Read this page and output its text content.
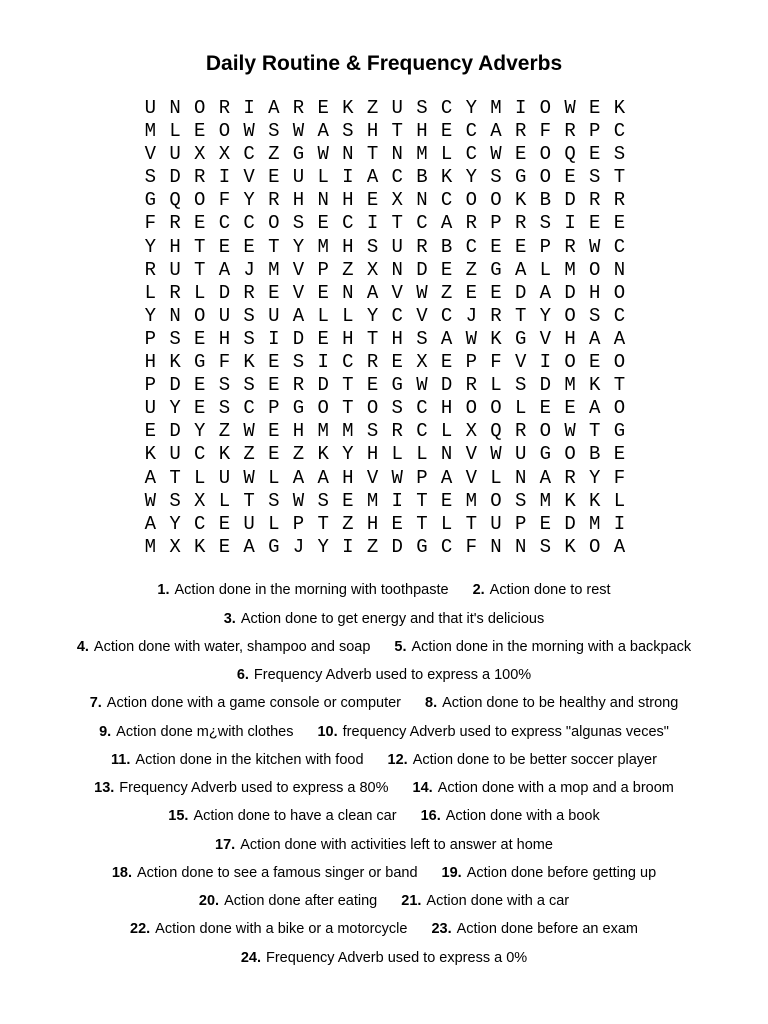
Daily Routine & Frequency Adverbs
U N O R I A R E K Z U S C Y M I O W E K
M L E O W S W A S H T H E C A R F R P C
V U X X C Z G W N T N M L C W E O Q E S
S D R I V E U L I A C B K Y S G O E S T
G Q O F Y R H N H E X N C O O K B D R R
F R E C C O S E C I T C A R P R S I E E
Y H T E E T Y M H S U R B C E E P R W C
R U T A J M V P Z X N D E Z G A L M O N
L R L D R E V E N A V W Z E E D A D H O
Y N O U S U A L L Y C V C J R T Y O S C
P S E H S I D E H T H S A W K G V H A A
H K G F K E S I C R E X E P F V I O E O
P D E S S E R D T E G W D R L S D M K T
U Y E S C P G O T O S C H O O L E E A O
E D Y Z W E H M M S R C L X Q R O W T G
K U C K Z E Z K Y H L L N V W U G O B E
A T L U W L A A H V W P A V L N A R Y F
W S X L T S W S E M I T E M O S M K K L
A Y C E U L P T Z H E T L T U P E D M I
M X K E A G J Y I Z D G C F N N S K O A
1. Action done in the morning with toothpaste 2. Action done to rest
3. Action done to get energy and that it's delicious
4. Action done with water, shampoo and soap 5. Action done in the morning with a backpack
6. Frequency Adverb used to express a 100%
7. Action done with a game console or computer 8. Action done to be healthy and strong
9. Action done m¿with clothes 10. frequency Adverb used to express "algunas veces"
11. Action done in the kitchen with food 12. Action done to be better soccer player
13. Frequency Adverb used to express a 80% 14. Action done with a mop and a broom
15. Action done to have a clean car 16. Action done with a book
17. Action done with activities left to answer at home
18. Action done to see a famous singer or band 19. Action done before getting up
20. Action done after eating 21. Action done with a car
22. Action done with a bike or a motorcycle 23. Action done before an exam
24. Frequency Adverb used to express a 0%
